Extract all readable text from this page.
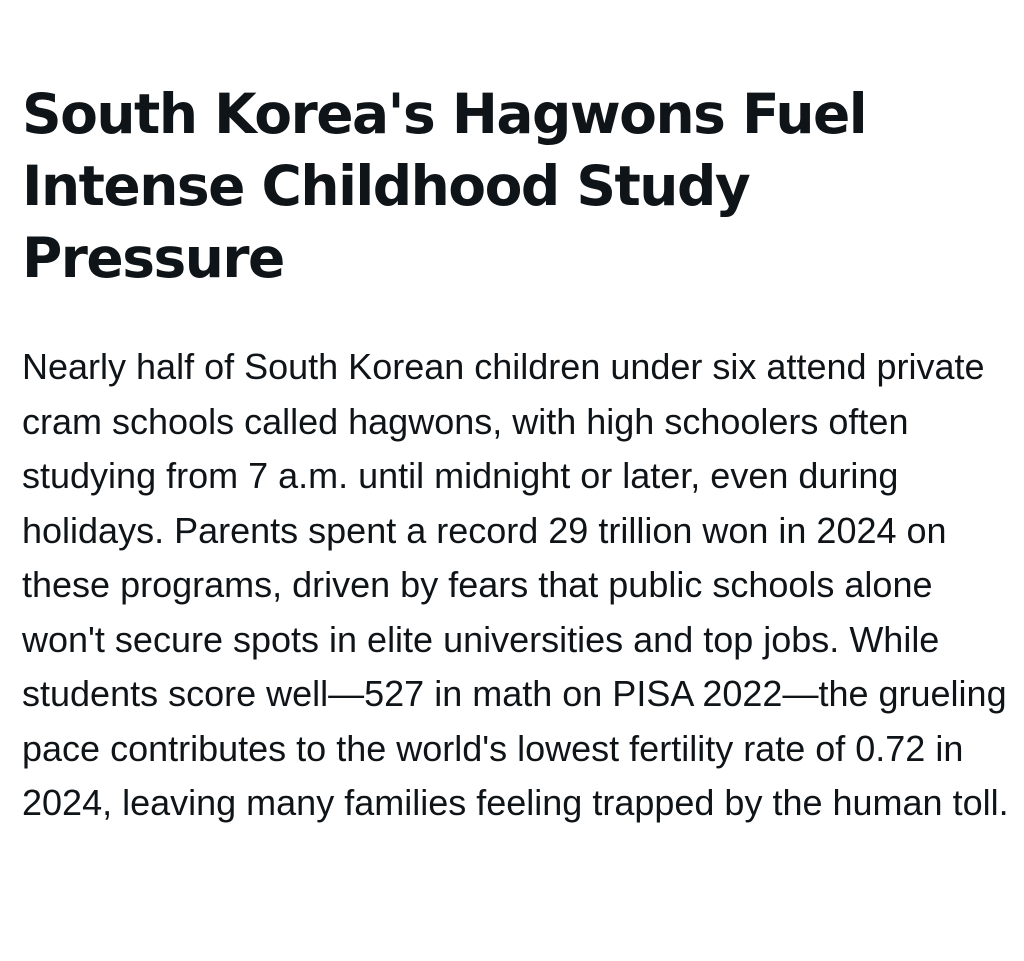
South Korea's Hagwons Fuel Intense Childhood Study Pressure

Nearly half of South Korean children under six attend private cram schools called hagwons, with high schoolers often studying from 7 a.m. until midnight or later, even during holidays. Parents spent a record 29 trillion won in 2024 on these programs, driven by fears that public schools alone won't secure spots in elite universities and top jobs. While students score well—527 in math on PISA 2022—the grueling pace contributes to the world's lowest fertility rate of 0.72 in 2024, leaving many families feeling trapped by the human toll.
